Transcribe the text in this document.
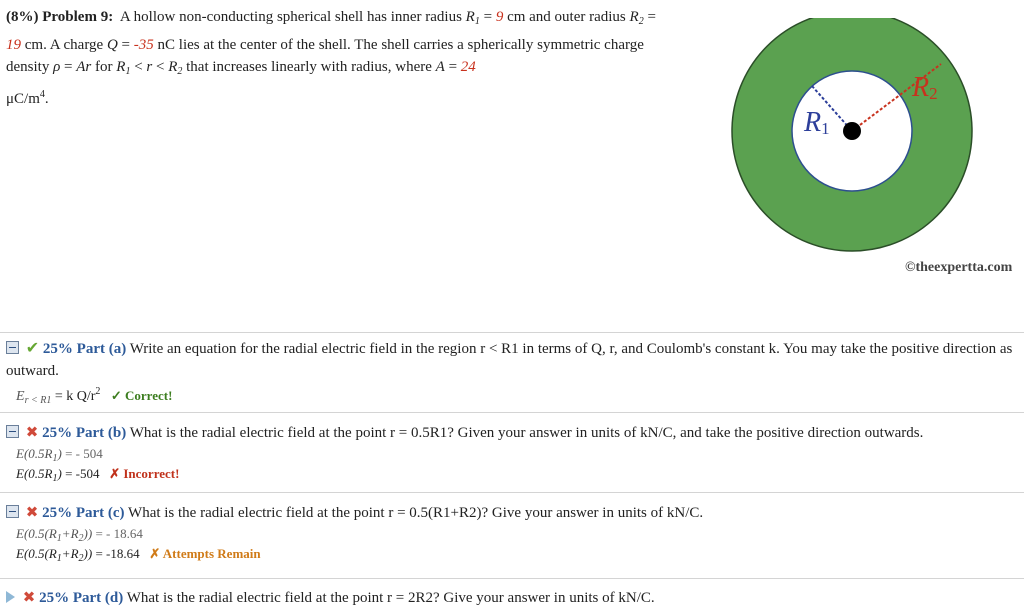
(8%) Problem 9: A hollow non-conducting spherical shell has inner radius $R_1 = 9$ cm and outer radius $R_2 = 19$ cm. A charge Q = -35 nC lies at the center of the shell. The shell carries a spherically symmetric charge density ρ = Ar for $R_1 < r < R_2$ that increases linearly with radius, where A = 24
$\mu C/m^4$.
R1
R2
©theexpertta.com
✔ 25% Part (a) Write an equation for the radial electric field in the region r < R1 in terms of Q, r, and Coulomb's constant k. You may take the positive direction as outward.
$E_{r < R1} = k$ $Q/r^2$ ✓ Correct!
✖ 25% Part (b) What is the radial electric field at the point r = 0.5R1? Given your answer in units of kN/C, and take the positive direction outwards.
$E(0.5R_1)$ = - 504
$E(0.5R_1) = -504$ ✗ Incorrect!
✖ 25% Part (c) What is the radial electric field at the point r = 0.5(R1+R2)? Give your answer in units of kN/C.
$E(0.5(R_1+R_2))$ = - 18.64
$E(0.5(R_1+R_2)) = -18.64$ ✗ Attempts Remain
✖ 25% Part (d) What is the radial electric field at the point r = 2R2? Give your answer in units of kN/C.
